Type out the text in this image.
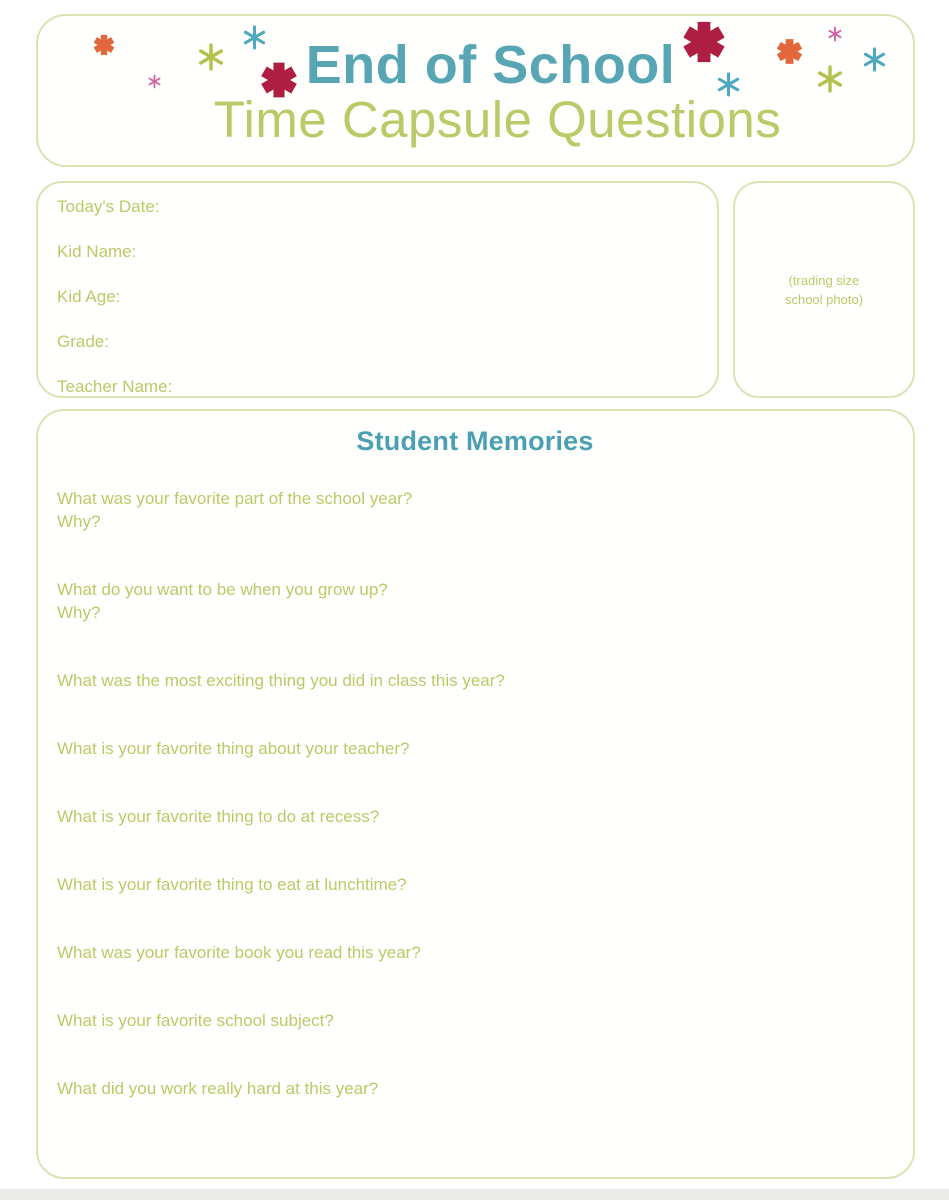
End of School
Time Capsule Questions
Today's Date:
Kid Name:
Kid Age:
Grade:
Teacher Name:
(trading size
school photo)
Student Memories
What was your favorite part of the school year?
Why?
What do you want to be when you grow up?
Why?
What was the most exciting thing you did in class this year?
What is your favorite thing about your teacher?
What is your favorite thing to do at recess?
What is your favorite thing to eat at lunchtime?
What was your favorite book you read this year?
What is your favorite school subject?
What did you work really hard at this year?
